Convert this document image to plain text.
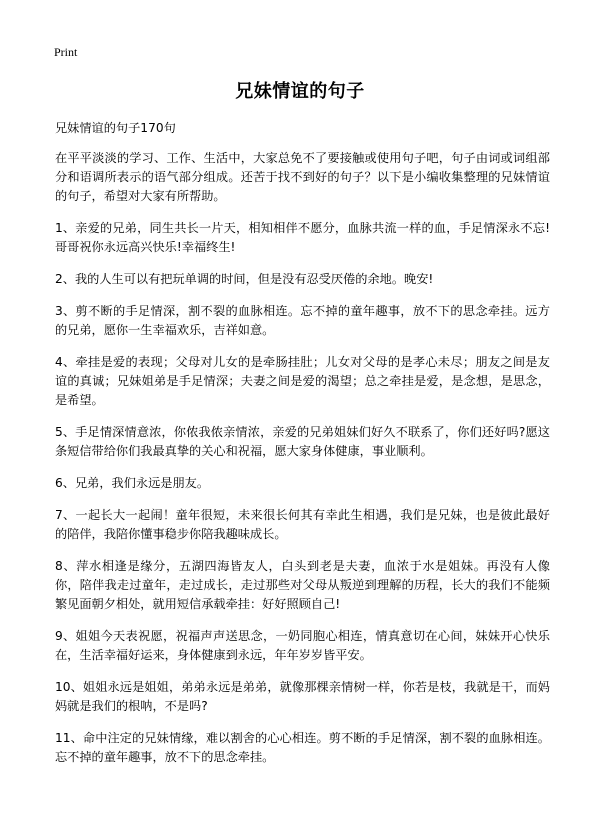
Print
兄妹情谊的句子

兄妹情谊的句子170句

在平平淡淡的学习、工作、生活中，大家总免不了要接触或使用句子吧，句子由词或词组部分和语调所表示的语气部分组成。还苦于找不到好的句子？以下是小编收集整理的兄妹情谊的句子，希望对大家有所帮助。

1、亲爱的兄弟，同生共长一片天，相知相伴不愿分，血脉共流一样的血，手足情深永不忘!哥哥祝你永远高兴快乐!幸福终生!

2、我的人生可以有把玩单调的时间，但是没有忍受厌倦的余地。晚安!

3、剪不断的手足情深，割不裂的血脉相连。忘不掉的童年趣事，放不下的思念牵挂。远方的兄弟，愿你一生幸福欢乐，吉祥如意。

4、牵挂是爱的表现；父母对儿女的是牵肠挂肚；儿女对父母的是孝心未尽；朋友之间是友谊的真诚；兄妹姐弟是手足情深；夫妻之间是爱的渴望；总之牵挂是爱，是念想，是思念，是希望。

5、手足情深情意浓，你侬我侬亲情浓，亲爱的兄弟姐妹们好久不联系了，你们还好吗?愿这条短信带给你们我最真挚的关心和祝福，愿大家身体健康，事业顺利。

6、兄弟，我们永远是朋友。

7、一起长大一起闹！童年很短，未来很长何其有幸此生相遇，我们是兄妹，也是彼此最好的陪伴，我陪你懂事稳步你陪我趣味成长。

8、萍水相逢是缘分，五湖四海皆友人，白头到老是夫妻，血浓于水是姐妹。再没有人像你，陪伴我走过童年，走过成长，走过那些对父母从叛逆到理解的历程，长大的我们不能频繁见面朝夕相处，就用短信承载牵挂：好好照顾自己!

9、姐姐今天表祝愿，祝福声声送思念，一奶同胞心相连，情真意切在心间，妹妹开心快乐在，生活幸福好运来，身体健康到永远，年年岁岁皆平安。

10、姐姐永远是姐姐，弟弟永远是弟弟，就像那棵亲情树一样，你若是枝，我就是干，而妈妈就是我们的根呐，不是吗?

11、命中注定的兄妹情缘，难以割舍的心心相连。剪不断的手足情深，割不裂的血脉相连。忘不掉的童年趣事，放不下的思念牵挂。
